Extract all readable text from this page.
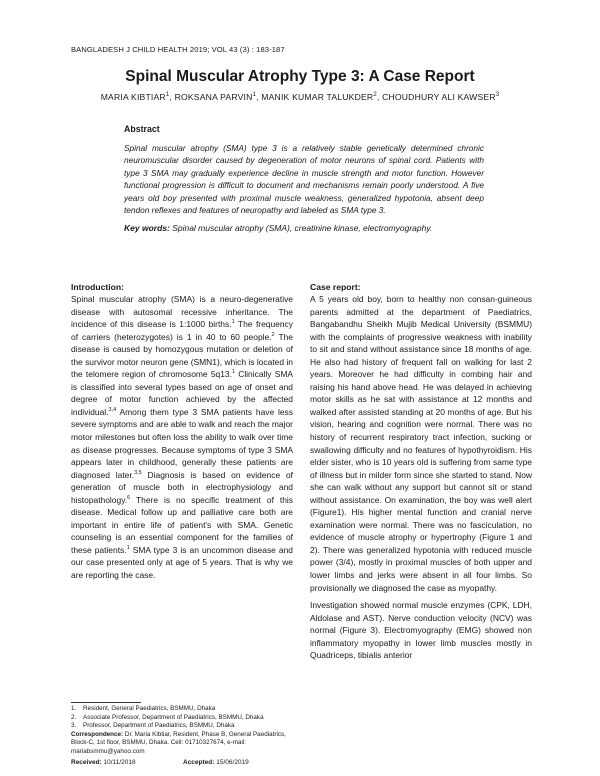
BANGLADESH J CHILD HEALTH 2019; VOL 43 (3) : 183-187
Spinal Muscular Atrophy Type 3: A Case Report
MARIA KIBTIAR$^1$, ROKSANA PARVIN$^1$, MANIK KUMAR TALUKDER$^2$, CHOUDHURY ALI KAWSER$^3$
Abstract

Spinal muscular atrophy (SMA) type 3 is a relatively stable genetically determined chronic neuromuscular disorder caused by degeneration of motor neurons of spinal cord. Patients with type 3 SMA may gradually experience decline in muscle strength and motor function. However functional progression is difficult to document and mechanisms remain poorly understood. A five years old boy presented with proximal muscle weakness, generalized hypotonia, absent deep tendon reflexes and features of neuropathy and labeled as SMA type 3.

Key words: Spinal muscular atrophy (SMA), creatinine kinase, electromyography.
Introduction:

Spinal muscular atrophy (SMA) is a neuro-degenerative disease with autosomal recessive inheritance. The incidence of this disease is 1:1000 births.$^1$ The frequency of carriers (heterozygotes) is 1 in 40 to 60 people.$^2$ The disease is caused by homozygous mutation or deletion of the survivor motor neuron gene (SMN1), which is located in the telomere region of chromosome 5q13.$^1$ Clinically SMA is classified into several types based on age of onset and degree of motor function achieved by the affected individual.$^{3,4}$ Among them type 3 SMA patients have less severe symptoms and are able to walk and reach the major motor milestones but often loss the ability to walk over time as disease progresses. Because symptoms of type 3 SMA appears later in childhood, generally these patients are diagnosed later.$^{3,5}$ Diagnosis is based on evidence of generation of muscle both in electrophysiology and histopathology.$^6$ There is no specific treatment of this disease. Medical follow up and palliative care both are important in entire life of patient's with SMA. Genetic counseling is an essential component for the families of these patients.$^1$ SMA type 3 is an uncommon disease and our case presented only at age of 5 years. That is why we are reporting the case.

Case report:

A 5 years old boy, born to healthy non consan-guineous parents admitted at the department of Paediatrics, Bangabandhu Sheikh Mujib Medical University (BSMMU) with the complaints of progressive weakness with inability to sit and stand without assistance since 18 months of age. He also had history of frequent fall on walking for last 2 years. Moreover he had difficulty in combing hair and raising his hand above head. He was delayed in achieving motor skills as he sat with assistance at 12 months and walked after assisted standing at 20 months of age. But his vision, hearing and cognition were normal. There was no history of recurrent respiratory tract infection, sucking or swallowing difficulty and no features of hypothyroidism. His elder sister, who is 10 years old is suffering from same type of illness but in milder form since she started to stand. Now she can walk without any support but cannot sit or stand without assistance. On examination, the boy was well alert (Figure1). His higher mental function and cranial nerve examination were normal. There was no fasciculation, no evidence of muscle atrophy or hypertrophy (Figure 1 and 2). There was generalized hypotonia with reduced muscle power (3/4), mostly in proximal muscles of both upper and lower limbs and jerks were absent in all four limbs. So provisionally we diagnosed the case as myopathy.

Investigation showed normal muscle enzymes (CPK, LDH, Aldolase and AST). Nerve conduction velocity (NCV) was normal (Figure 3). Electromyography (EMG) showed non inflammatory myopathy in lower limb muscles mostly in Quadriceps, tibialis anterior

1.	Resident, General Paediatrics, BSMMU, Dhaka
2.	Associate Professor, Department of Paediatrics, BSMMU, Dhaka
3.	Professor, Department of Paediatrics, BSMMU, Dhaka
Correspondence: Dr. Maria Kibtiar, Resident, Phase B, General Paediatrics, Block-C, 1st floor, BSMMU, Dhaka. Cell: 01710327674, e-mail: mariabsmmu@yahoo.com
Received: 10/11/2018	Accepted: 15/06/2019
